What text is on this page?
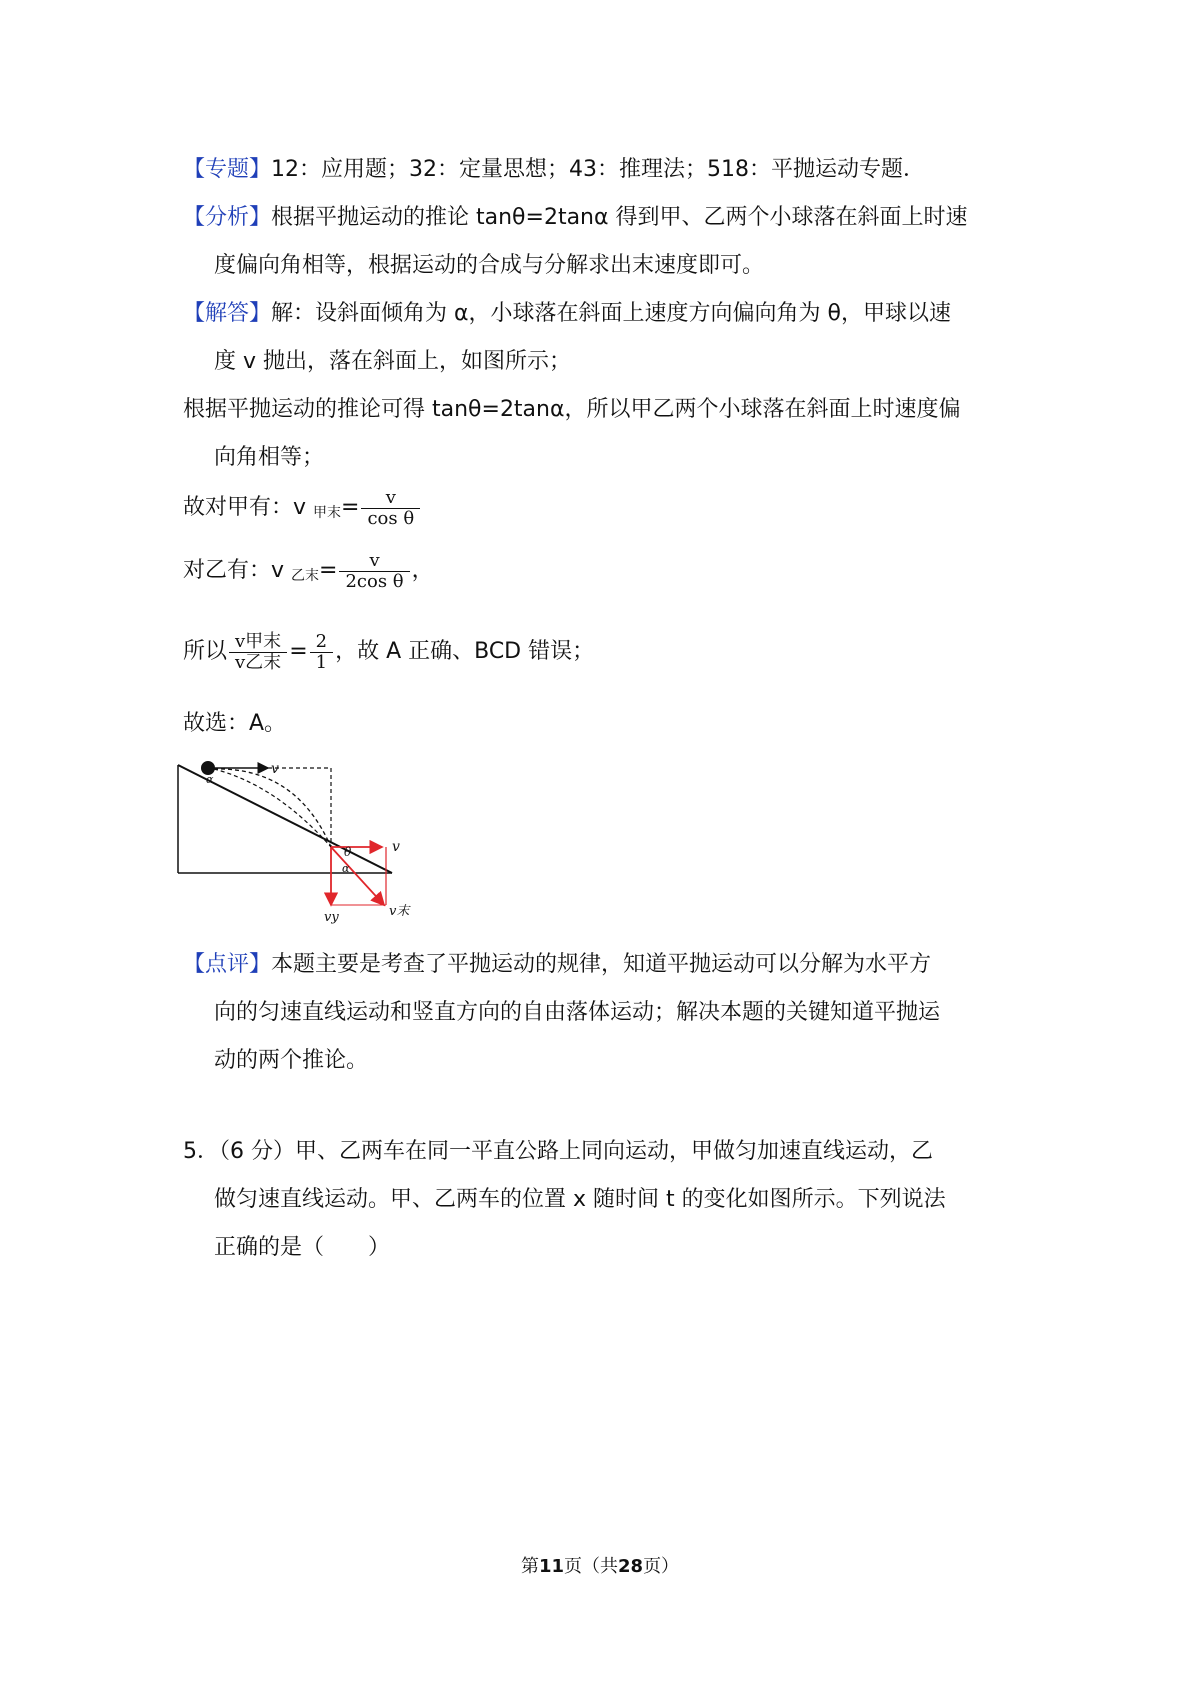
【专题】12：应用题；32：定量思想；43：推理法；518：平抛运动专题．
【分析】根据平抛运动的推论 tanθ=2tanα 得到甲、乙两个小球落在斜面上时速
度偏向角相等，根据运动的合成与分解求出末速度即可。
【解答】解：设斜面倾角为 α，小球落在斜面上速度方向偏向角为 θ，甲球以速
度 v 抛出，落在斜面上，如图所示；
根据平抛运动的推论可得 tanθ=2tanα，所以甲乙两个小球落在斜面上时速度偏
向角相等；
故对甲有：v $_{甲末}= \frac{v}{\text{cos θ}}$
对乙有：v $_{乙末}= \frac{v}{\text{2cos θ}}$ ，
所以 $\frac{\text{v甲末}}{\text{v乙末}} = \frac{2}{1}$ ，故 A 正确、BCD 错误；
故选：A。
v
α
θ
α
v
vy	v末
【点评】本题主要是考查了平抛运动的规律，知道平抛运动可以分解为水平方
向的匀速直线运动和竖直方向的自由落体运动；解决本题的关键知道平抛运
动的两个推论。
5．（6 分）甲、乙两车在同一平直公路上同向运动，甲做匀加速直线运动，乙
做匀速直线运动。甲、乙两车的位置 x 随时间 t 的变化如图所示。下列说法
正确的是（　　）
第11页（共28页）
